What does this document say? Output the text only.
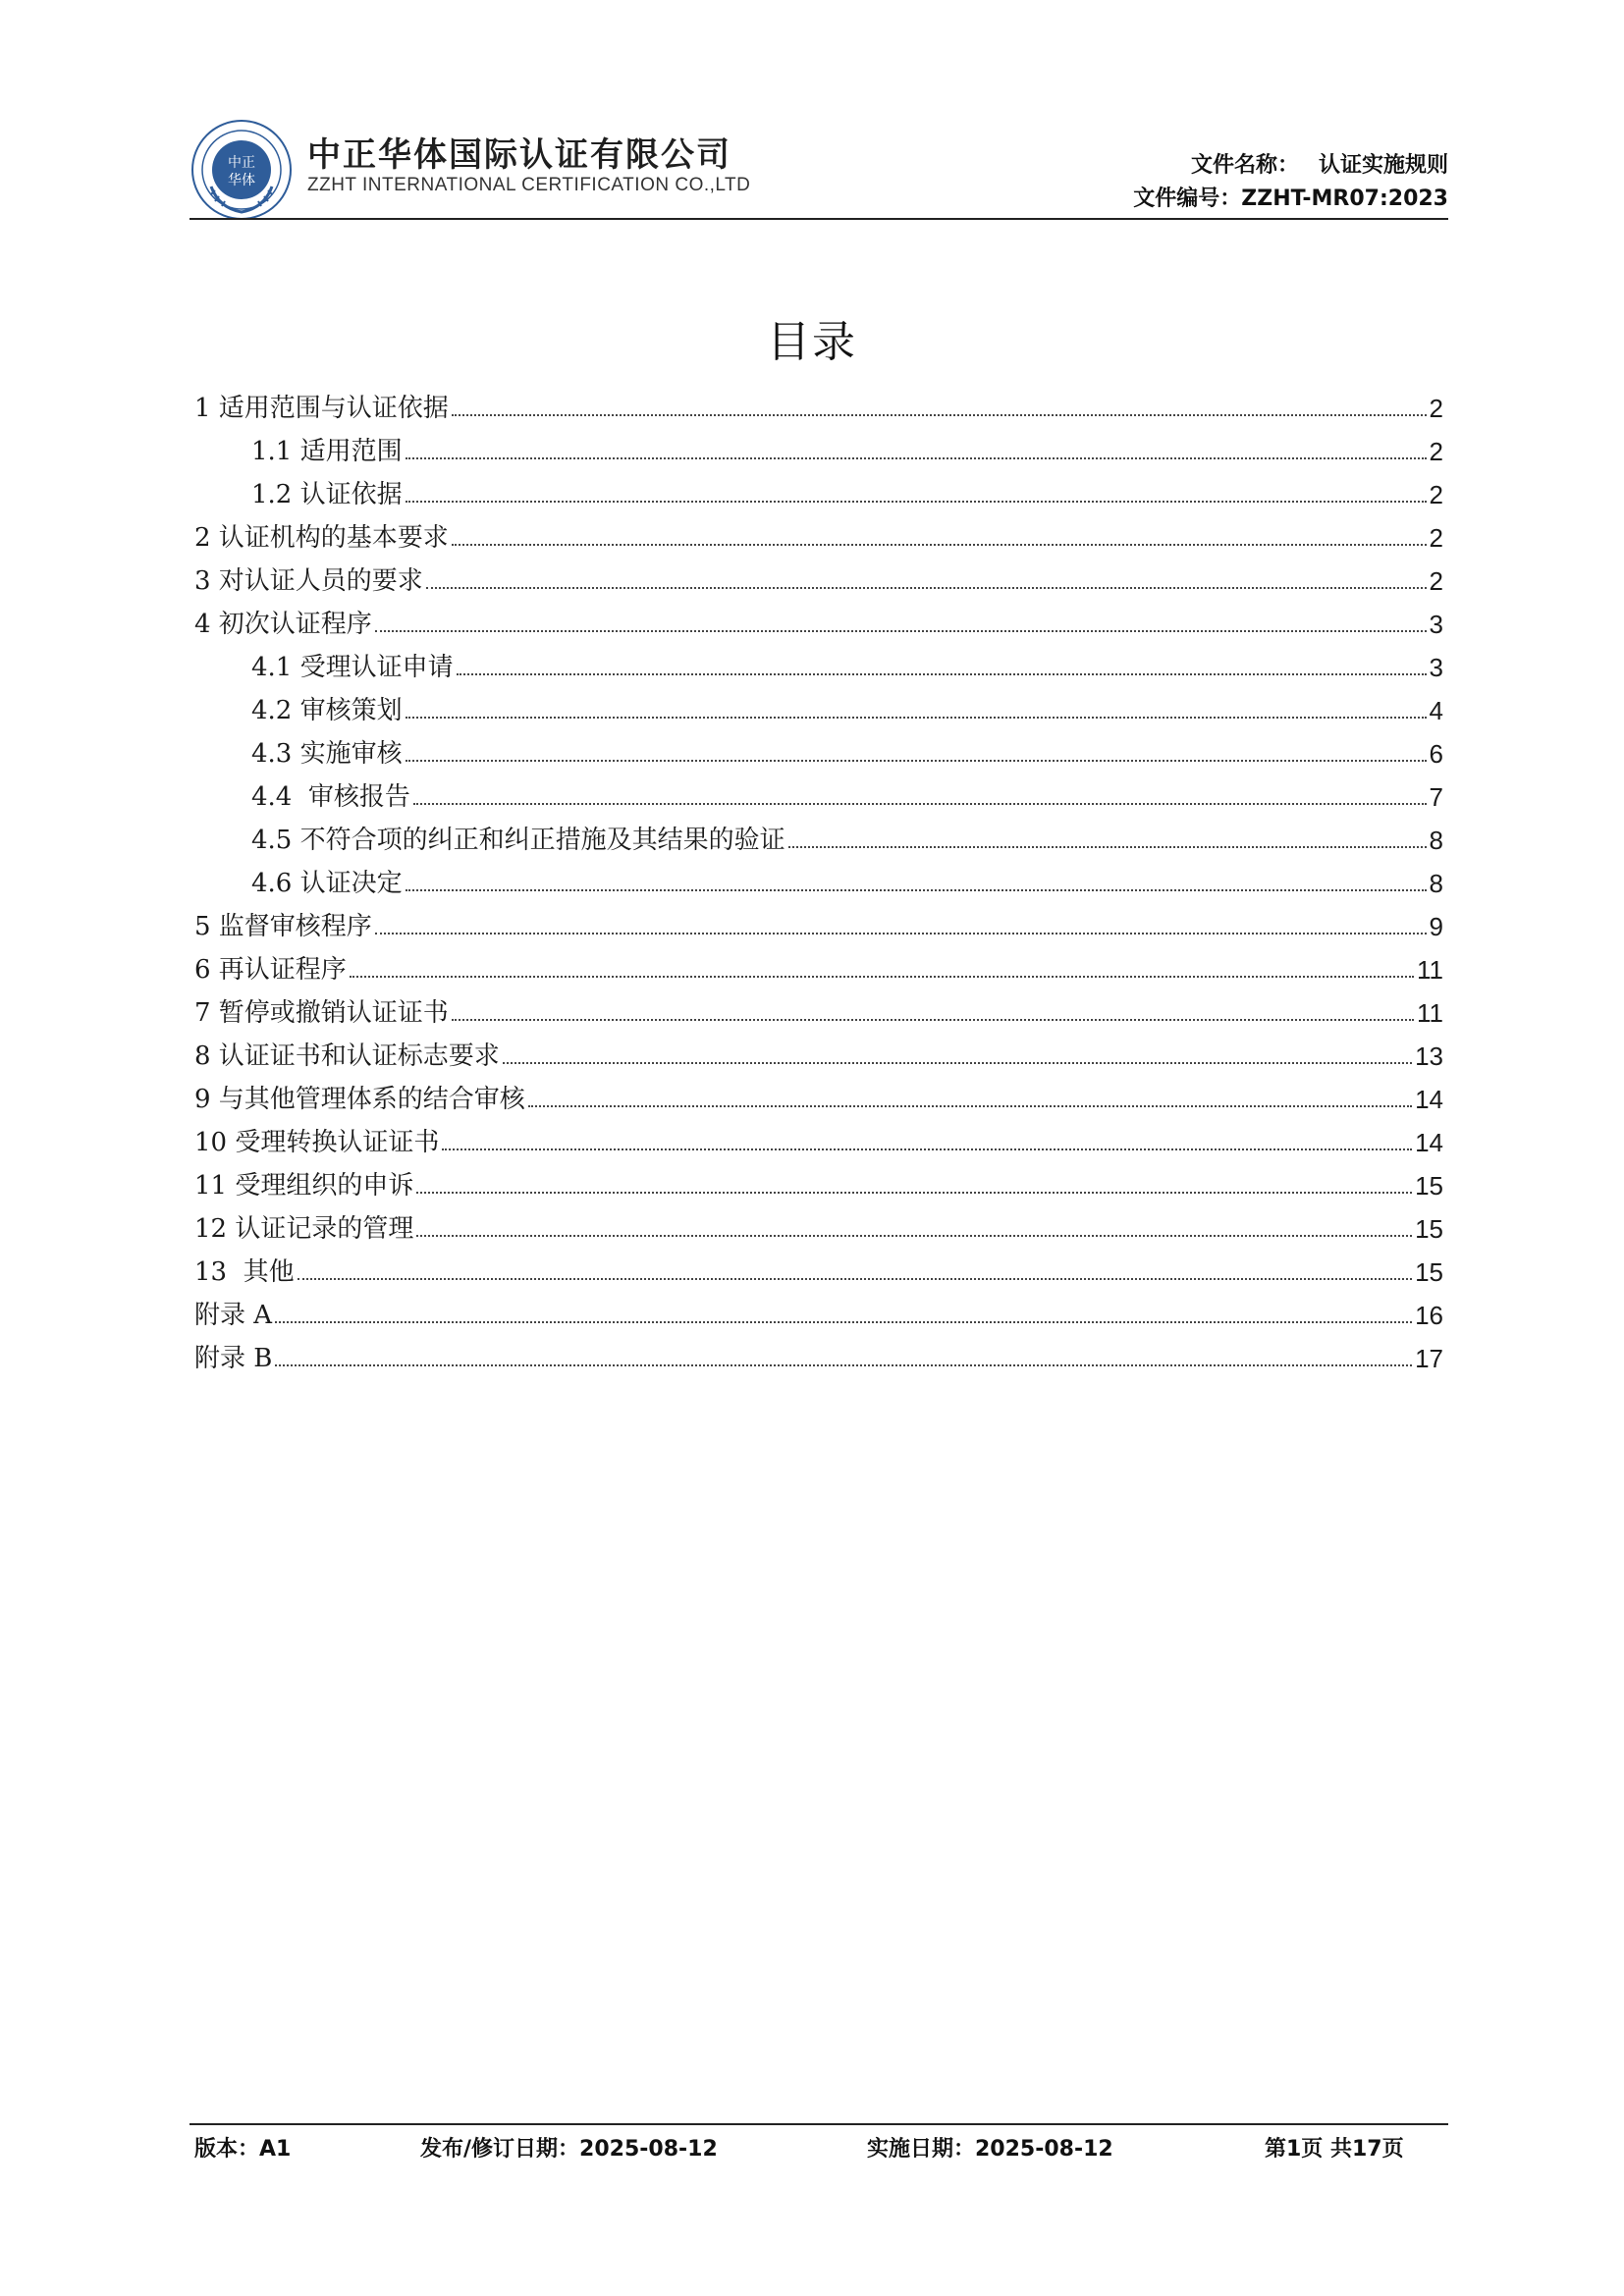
中正
华体
中正华体国际认证有限公司
ZZHT INTERNATIONAL CERTIFICATION CO.,LTD
文件名称： 认证实施规则
文件编号：ZZHT-MR07:2023
目录
1 适用范围与认证依据	2
1.1 适用范围	2
1.2 认证依据	2
2 认证机构的基本要求	2
3 对认证人员的要求	2
4 初次认证程序	3
4.1 受理认证申请	3
4.2 审核策划	4
4.3 实施审核	6
4.4  审核报告	7
4.5 不符合项的纠正和纠正措施及其结果的验证	8
4.6 认证决定	8
5 监督审核程序	9
6 再认证程序	11
7 暂停或撤销认证证书	11
8 认证证书和认证标志要求	13
9 与其他管理体系的结合审核	14
10 受理转换认证证书	14
11 受理组织的申诉	15
12 认证记录的管理	15
13  其他	15
附录 A	16
附录 B	17
版本：A1	发布/修订日期：2025-08-12	实施日期：2025-08-12	第1页 共17页
